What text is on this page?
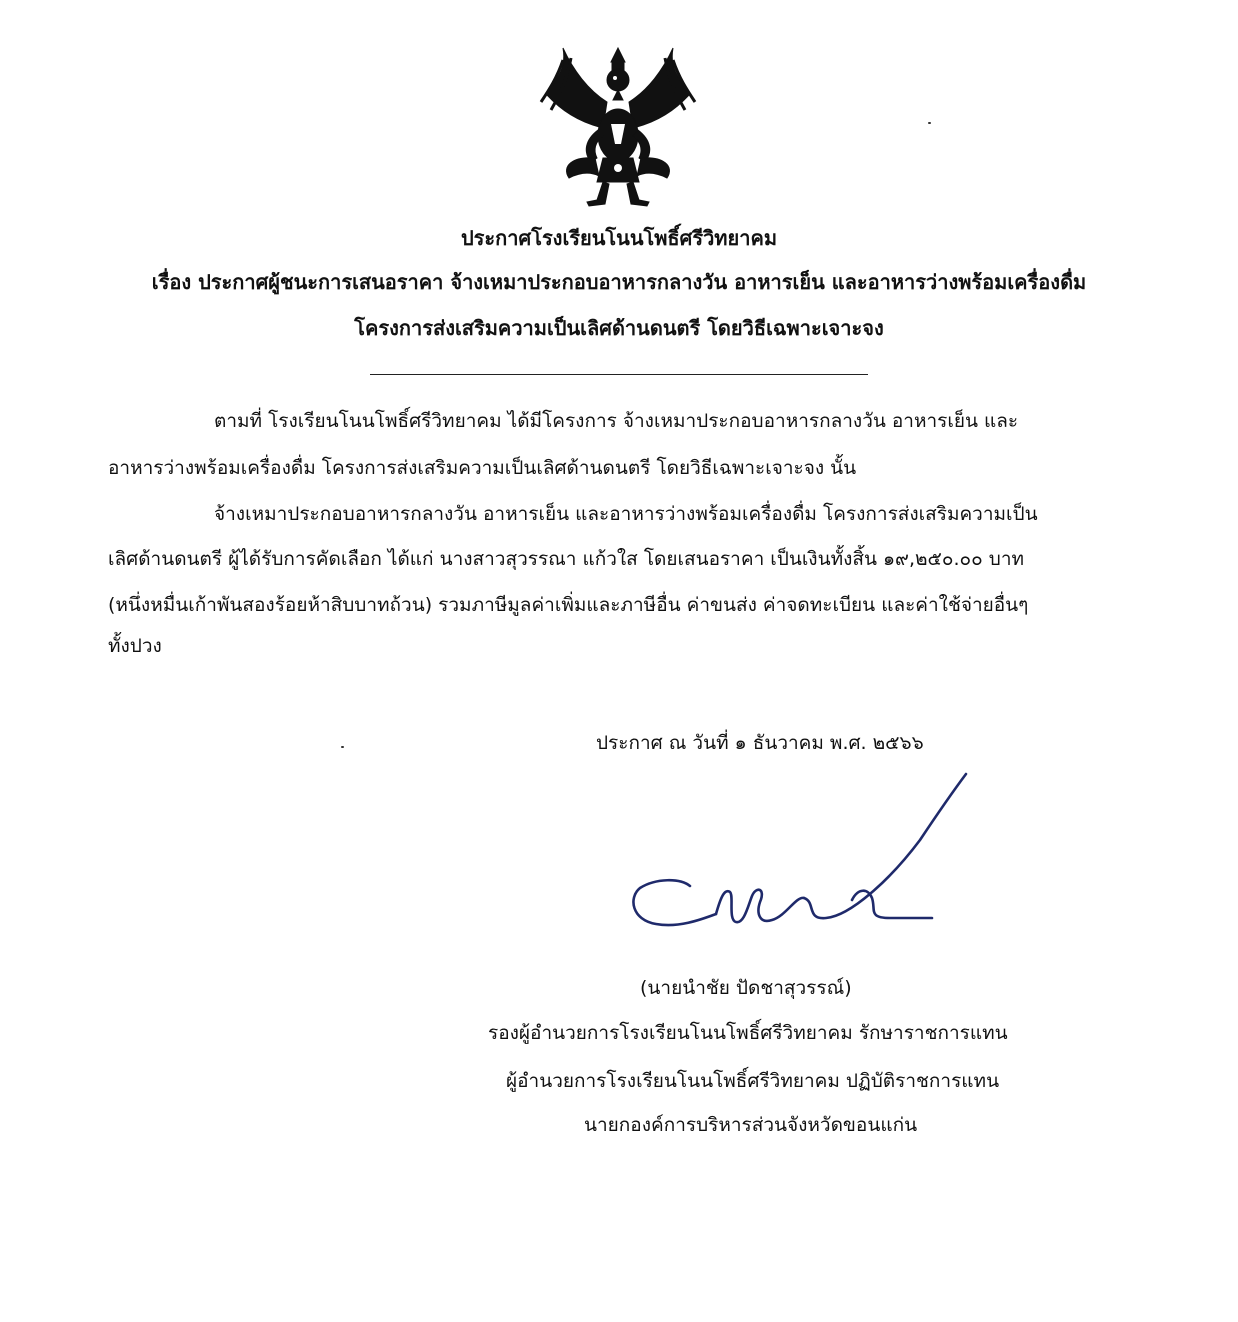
ประกาศโรงเรียนโนนโพธิ์ศรีวิทยาคม
เรื่อง ประกาศผู้ชนะการเสนอราคา จ้างเหมาประกอบอาหารกลางวัน อาหารเย็น และอาหารว่างพร้อมเครื่องดื่ม
โครงการส่งเสริมความเป็นเลิศด้านดนตรี โดยวิธีเฉพาะเจาะจง
ตามที่ โรงเรียนโนนโพธิ์ศรีวิทยาคม ได้มีโครงการ จ้างเหมาประกอบอาหารกลางวัน อาหารเย็น และ
อาหารว่างพร้อมเครื่องดื่ม โครงการส่งเสริมความเป็นเลิศด้านดนตรี โดยวิธีเฉพาะเจาะจง นั้น
จ้างเหมาประกอบอาหารกลางวัน อาหารเย็น และอาหารว่างพร้อมเครื่องดื่ม โครงการส่งเสริมความเป็น
เลิศด้านดนตรี ผู้ได้รับการคัดเลือก ได้แก่ นางสาวสุวรรณา แก้วใส โดยเสนอราคา เป็นเงินทั้งสิ้น ๑๙,๒๕๐.๐๐ บาท
(หนึ่งหมื่นเก้าพันสองร้อยห้าสิบบาทถ้วน) รวมภาษีมูลค่าเพิ่มและภาษีอื่น ค่าขนส่ง ค่าจดทะเบียน และค่าใช้จ่ายอื่นๆ
ทั้งปวง
ประกาศ ณ วันที่ ๑ ธันวาคม พ.ศ. ๒๕๖๖
(นายนำชัย ปัดชาสุวรรณ์)
รองผู้อำนวยการโรงเรียนโนนโพธิ์ศรีวิทยาคม รักษาราชการแทน
ผู้อำนวยการโรงเรียนโนนโพธิ์ศรีวิทยาคม ปฏิบัติราชการแทน
นายกองค์การบริหารส่วนจังหวัดขอนแก่น
